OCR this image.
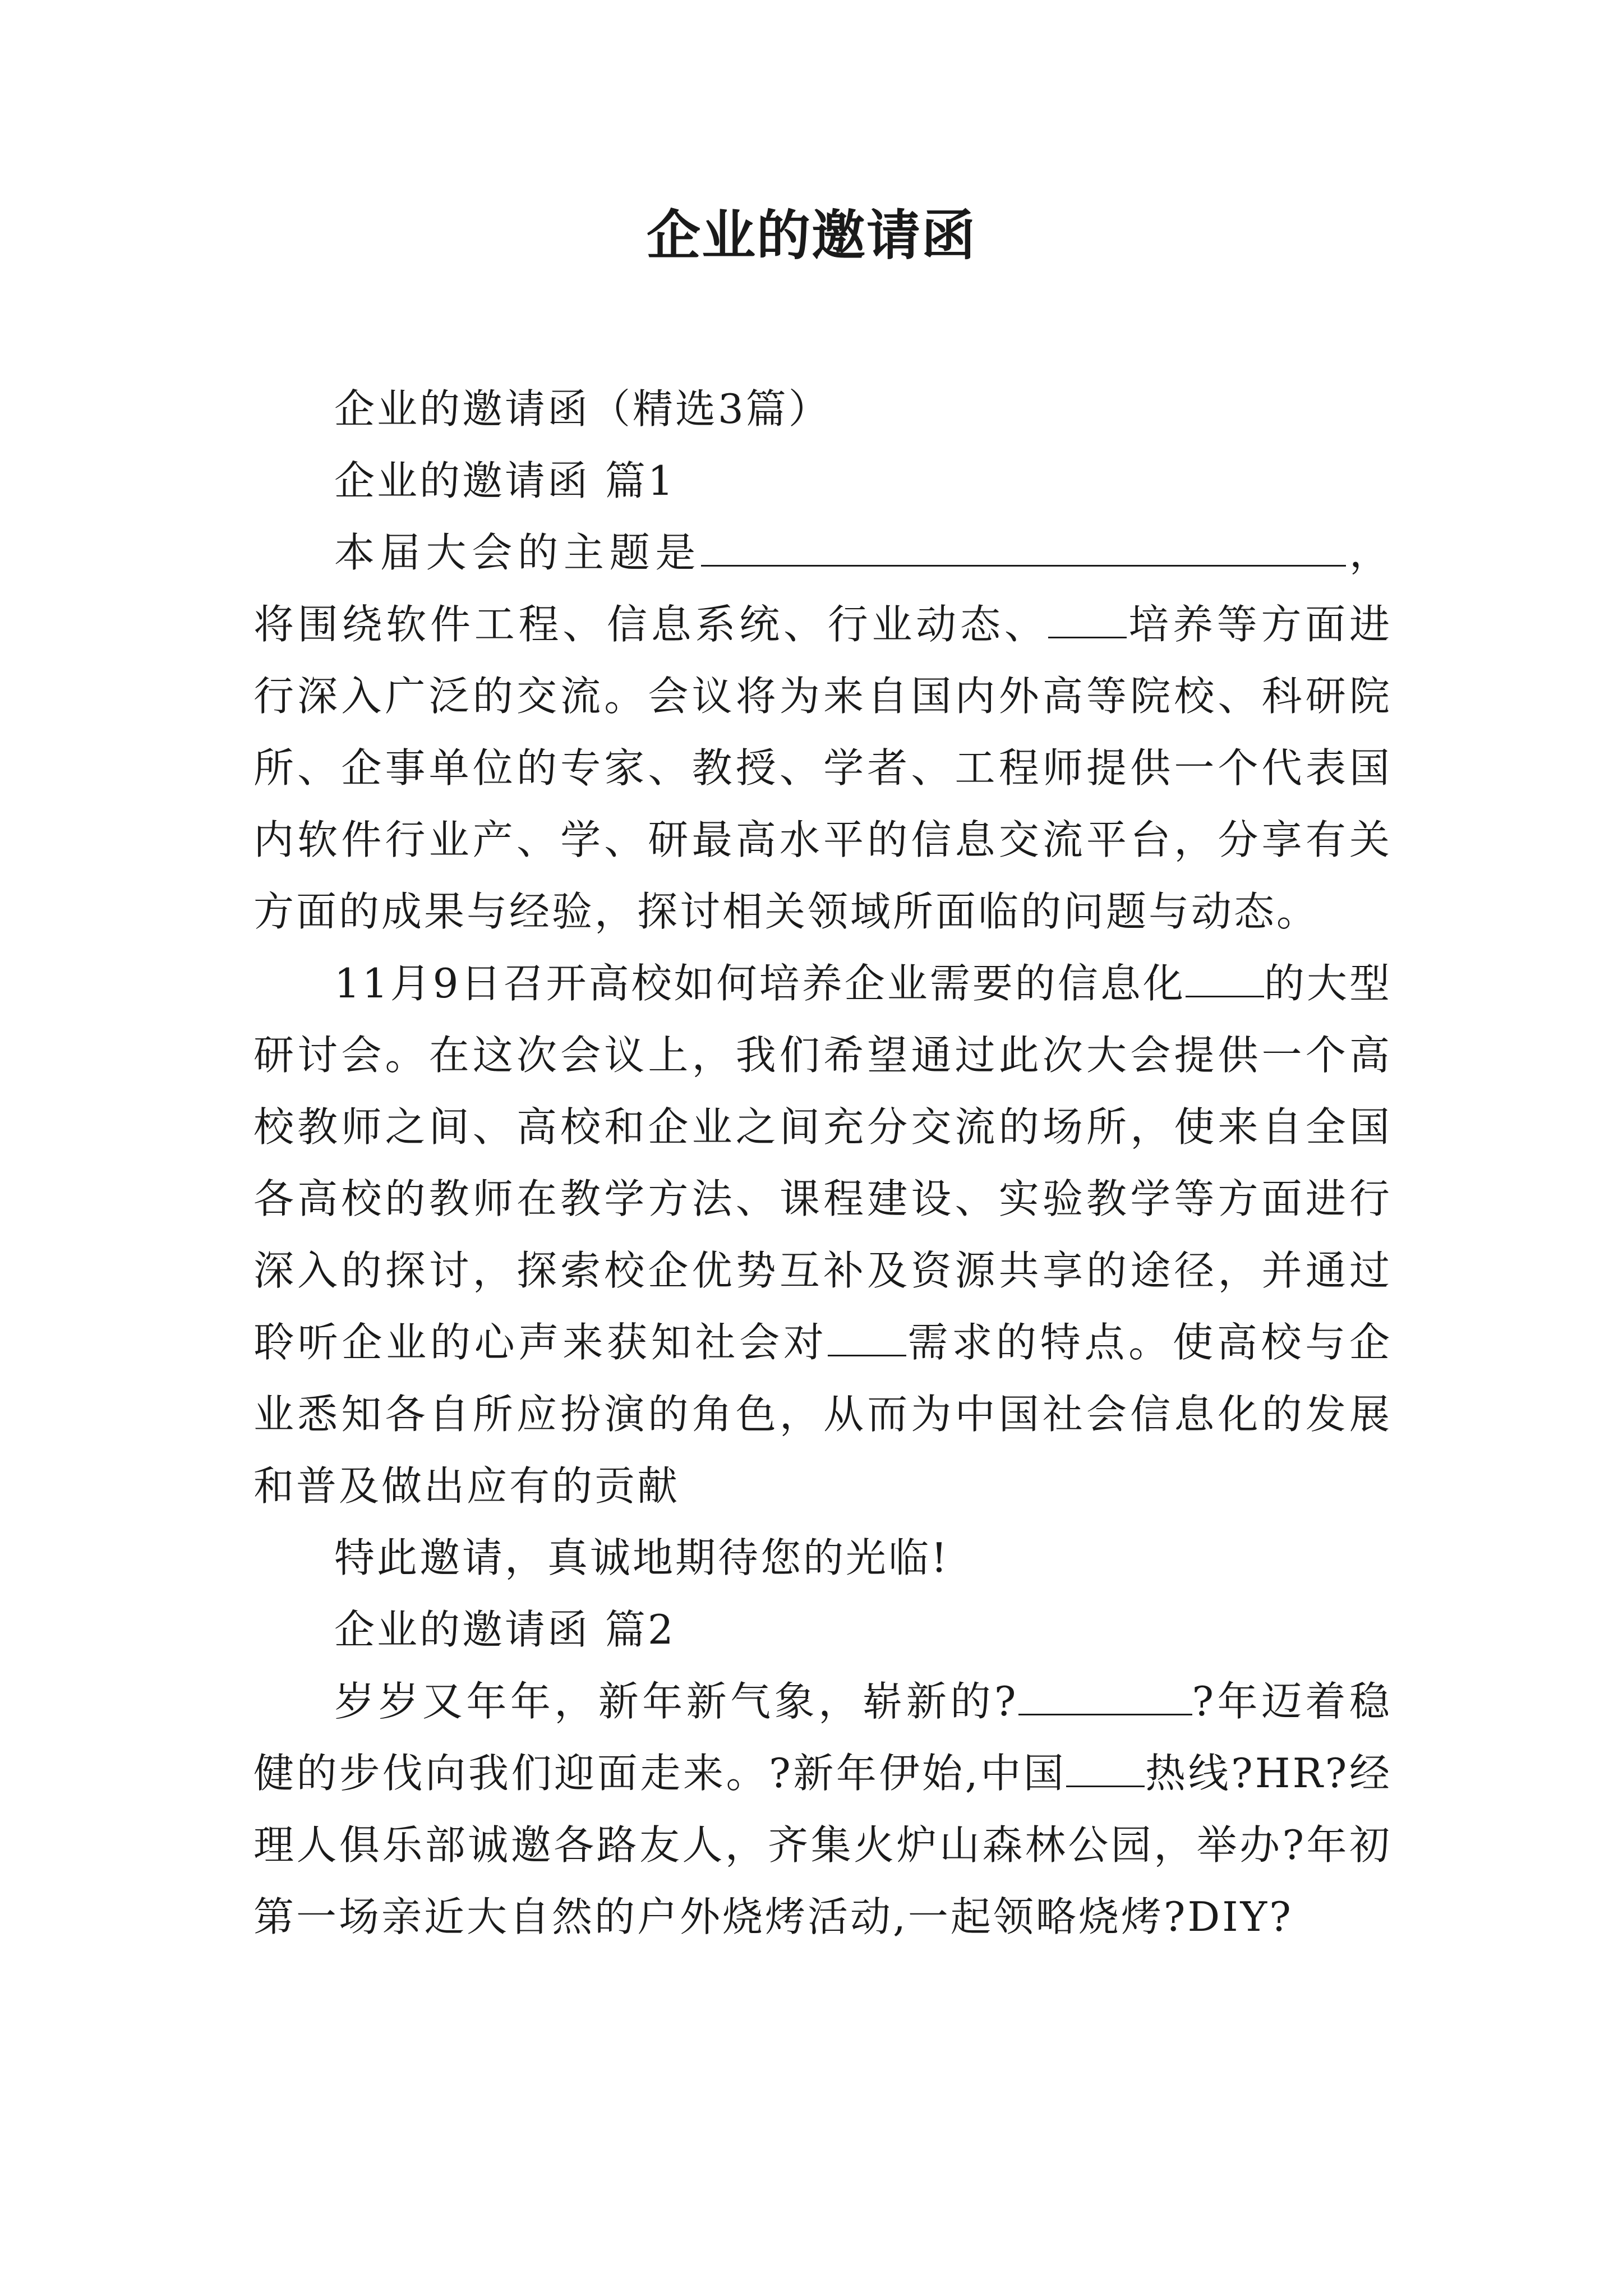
企业的邀请函

企业的邀请函（精选3篇）

企业的邀请函 篇1

本届大会的主题是	，将围绕软件工程、信息系统、行业动态、 培养等方面进行深入广泛的交流。会议将为来自国内外高等院校、科研院所、企事单位的专家、教授、学者、工程师提供一个代表国内软件行业产、学、研最高水平的信息交流平台，分享有关方面的成果与经验，探讨相关领域所面临的问题与动态。

11月9日召开高校如何培养企业需要的信息化 的大型研讨会。在这次会议上，我们希望通过此次大会提供一个高校教师之间、高校和企业之间充分交流的场所，使来自全国各高校的教师在教学方法、课程建设、实验教学等方面进行深入的探讨，探索校企优势互补及资源共享的途径，并通过聆听企业的心声来获知社会对 需求的特点。使高校与企业悉知各自所应扮演的角色，从而为中国社会信息化的发展和普及做出应有的贡献

特此邀请，真诚地期待您的光临!

企业的邀请函 篇2

岁岁又年年，新年新气象，崭新的?	?年迈着稳健的步伐向我们迎面走来。?新年伊始,中国 热线?HR?经理人俱乐部诚邀各路友人，齐集火炉山森林公园，举办?年初第一场亲近大自然的户外烧烤活动,一起领略烧烤?DIY?
